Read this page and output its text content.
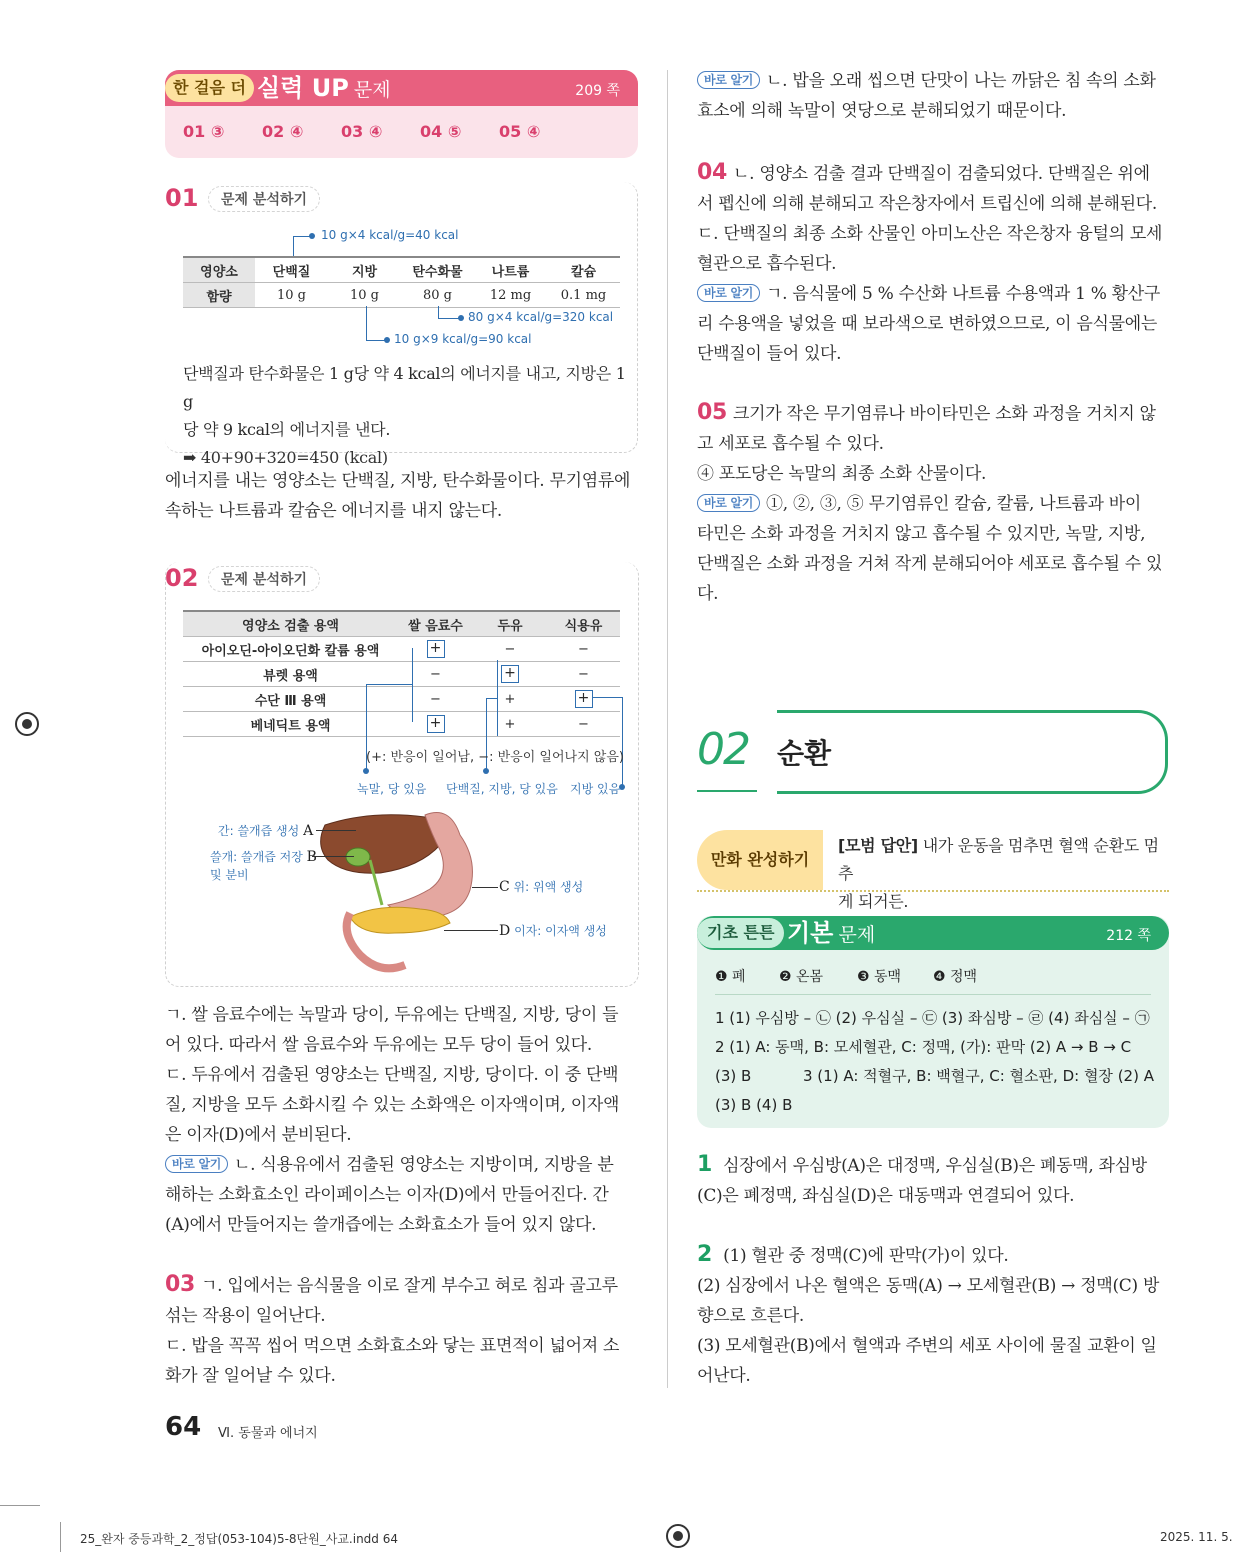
한 걸음 더 실력 UP 문제	209 쪽
01 ③ 02 ④ 03 ④ 04 ⑤ 05 ④
01	문제 분석하기
10 g×4 kcal/g=40 kcal
영양소	단백질	지방	탄수화물	나트륨	칼슘
함량	10 g	10 g	80 g	12 mg	0.1 mg
80 g×4 kcal/g=320 kcal
10 g×9 kcal/g=90 kcal

단백질과 탄수화물은 1 g당 약 4 kcal의 에너지를 내고, 지방은 1 g

당 약 9 kcal의 에너지를 낸다.

➡ 40+90+320=450 (kcal)

에너지를 내는 영양소는 단백질, 지방, 탄수화물이다. 무기염류에

속하는 나트륨과 칼슘은 에너지를 내지 않는다.

02	문제 분석하기
영양소 검출 용액	쌀 음료수	두유	식용유
아이오딘-아이오딘화 칼륨 용액	+	−	−
뷰렛 용액	−	+	−
수단 Ⅲ 용액	−	+	+
베네딕트 용액	+	+	−
(+: 반응이 일어남, −: 반응이 일어나지 않음)
녹말, 당 있음 단백질, 지방, 당 있음 지방 있음
간: 쓸개즙 생성 A
쓸개: 쓸개즙 저장 B
및 분비
C 위: 위액 생성
D 이자: 이자액 생성

ㄱ. 쌀 음료수에는 녹말과 당이, 두유에는 단백질, 지방, 당이 들

어 있다. 따라서 쌀 음료수와 두유에는 모두 당이 들어 있다.

ㄷ. 두유에서 검출된 영양소는 단백질, 지방, 당이다. 이 중 단백

질, 지방을 모두 소화시킬 수 있는 소화액은 이자액이며, 이자액

은 이자(D)에서 분비된다.

바로 알기 ㄴ. 식용유에서 검출된 영양소는 지방이며, 지방을 분

해하는 소화효소인 라이페이스는 이자(D)에서 만들어진다. 간

(A)에서 만들어지는 쓸개즙에는 소화효소가 들어 있지 않다.

03 ㄱ. 입에서는 음식물을 이로 잘게 부수고 혀로 침과 골고루

섞는 작용이 일어난다.

ㄷ. 밥을 꼭꼭 씹어 먹으면 소화효소와 닿는 표면적이 넓어져 소

화가 잘 일어날 수 있다.

64 Ⅵ. 동물과 에너지

바로 알기 ㄴ. 밥을 오래 씹으면 단맛이 나는 까닭은 침 속의 소화

효소에 의해 녹말이 엿당으로 분해되었기 때문이다.

04 ㄴ. 영양소 검출 결과 단백질이 검출되었다. 단백질은 위에

서 펩신에 의해 분해되고 작은창자에서 트립신에 의해 분해된다.

ㄷ. 단백질의 최종 소화 산물인 아미노산은 작은창자 융털의 모세

혈관으로 흡수된다.

바로 알기 ㄱ. 음식물에 5 % 수산화 나트륨 수용액과 1 % 황산구

리 수용액을 넣었을 때 보라색으로 변하였으므로, 이 음식물에는

단백질이 들어 있다.

05 크기가 작은 무기염류나 바이타민은 소화 과정을 거치지 않

고 세포로 흡수될 수 있다.

④ 포도당은 녹말의 최종 소화 산물이다.

바로 알기 ①, ②, ③, ⑤ 무기염류인 칼슘, 칼륨, 나트륨과 바이

타민은 소화 과정을 거치지 않고 흡수될 수 있지만, 녹말, 지방,

단백질은 소화 과정을 거쳐 작게 분해되어야 세포로 흡수될 수 있다.

02 순환
만화 완성하기

[모범 답안] 내가 운동을 멈추면 혈액 순환도 멈추

게 되거든.

기초 튼튼 기본 문제	212 쪽
❶ 폐 ❷ 온몸 ❸ 동맥 ❹ 정맥
1 (1) 우심방 – ㉡ (2) 우심실 – ㉢ (3) 좌심방 – ㉣ (4) 좌심실 – ㉠
2 (1) A: 동맥, B: 모세혈관, C: 정맥, (가): 판막 (2) A → B → C
(3) B	3 (1) A: 적혈구, B: 백혈구, C: 혈소판, D: 혈장 (2) A
(3) B (4) B

1 심장에서 우심방(A)은 대정맥, 우심실(B)은 폐동맥, 좌심방

(C)은 폐정맥, 좌심실(D)은 대동맥과 연결되어 있다.

2 (1) 혈관 중 정맥(C)에 판막(가)이 있다.

(2) 심장에서 나온 혈액은 동맥(A) → 모세혈관(B) → 정맥(C) 방

향으로 흐른다.

(3) 모세혈관(B)에서 혈액과 주변의 세포 사이에 물질 교환이 일

어난다.

25_완자 중등과학_2_정답(053-104)5-8단원_사교.indd 64	2025. 11. 5.
